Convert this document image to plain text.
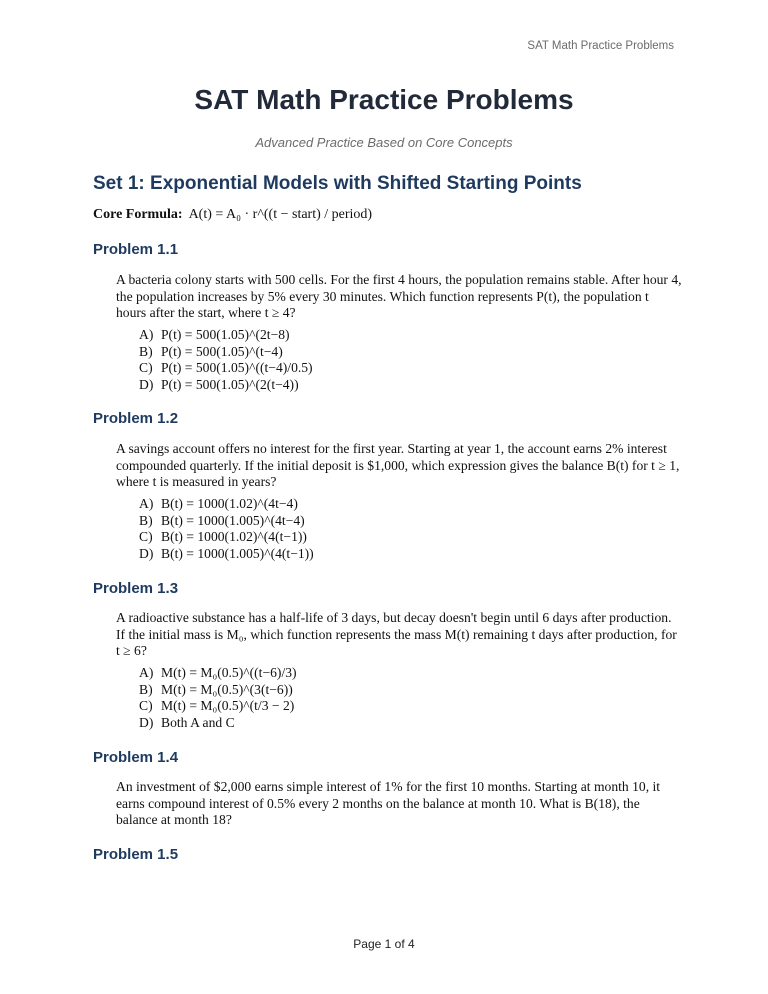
SAT Math Practice Problems
SAT Math Practice Problems
Advanced Practice Based on Core Concepts
Set 1: Exponential Models with Shifted Starting Points
Core Formula: A(t) = A₀ · r^((t − start) / period)
Problem 1.1

A bacteria colony starts with 500 cells. For the first 4 hours, the population remains stable. After hour 4, the population increases by 5% every 30 minutes. Which function represents P(t), the population t hours after the start, where t ≥ 4?

A) P(t) = 500(1.05)^(2t−8)
B) P(t) = 500(1.05)^(t−4)
C) P(t) = 500(1.05)^((t−4)/0.5)
D) P(t) = 500(1.05)^(2(t−4))
Problem 1.2

A savings account offers no interest for the first year. Starting at year 1, the account earns 2% interest compounded quarterly. If the initial deposit is $1,000, which expression gives the balance B(t) for t ≥ 1, where t is measured in years?

A) B(t) = 1000(1.02)^(4t−4)
B) B(t) = 1000(1.005)^(4t−4)
C) B(t) = 1000(1.02)^(4(t−1))
D) B(t) = 1000(1.005)^(4(t−1))
Problem 1.3

A radioactive substance has a half-life of 3 days, but decay doesn't begin until 6 days after production. If the initial mass is M₀, which function represents the mass M(t) remaining t days after production, for t ≥ 6?

A) M(t) = M₀(0.5)^((t−6)/3)
B) M(t) = M₀(0.5)^(3(t−6))
C) M(t) = M₀(0.5)^(t/3 − 2)
D) Both A and C
Problem 1.4

An investment of $2,000 earns simple interest of 1% for the first 10 months. Starting at month 10, it earns compound interest of 0.5% every 2 months on the balance at month 10. What is B(18), the balance at month 18?

Problem 1.5
Page 1 of 4
